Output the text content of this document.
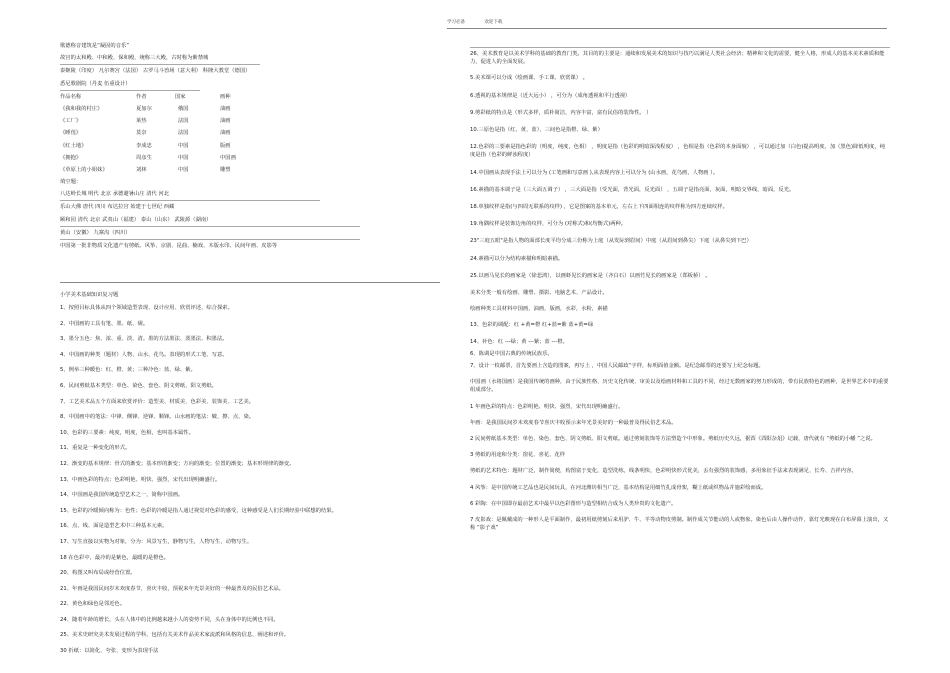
学习必备	欢迎下载
歌德称音建筑是“凝固的音乐”
故宫的太和殿、中和殿、保和殿，统称三大殿，古时称为紫禁城
泰姬陵（印度） 凡尔赛宫（法国） 古罗马斗兽场（意大利） 科隆大教堂（德国）
悉尼歌剧院（丹麦 伍重设计）
作品名称	作者	国家	画种
《我和我的村庄》	夏加尔	俄国	油画
《工厂》	莱热	法国	油画
《睡莲》	莫奈	法国	油画
《红土地》	李成忠	中国	版画
《拥抱》	周彦生	中国	中国画
《草原上的小姐妹》	刘林	中国	雕塑
填空题：
八达岭长城 明代 北京 承德避暑山庄 清代 河北
乐山大佛 唐代 四川 布达拉宫 始建于七世纪 西藏
颐和园 清代 北京 武夷山（福建） 泰山（山东） 武陵源（湖南）
黄山（安徽） 九寨沟（四川）
中国第一批非物质文化遗产有剪纸、风筝、京剧、昆曲、楠戏、木版水印、民间年画、皮影等
小学美术基础知识复习题
1、按照目标具体从四个领域造型表现、设计应用、欣赏评述、综合探索。
2、中国画的工具有笔、墨、纸、砚。
3、墨分五色：焦、浓、重、淡、清。墨的方法墨法、泼墨法、积墨法。
4、中国画的种类（题材）人物、山水、花鸟。表现的形式工笔、写意。
5、例举三种暖色：红、橙、黄；三种冷色：蓝、绿、紫。
6、民间剪纸基本类型：单色、染色、套色、阴文剪纸、阳文剪纸。
7、工艺美术品五个方面来欣赏评价：造型美、材质美、色彩美、装饰美、工艺美。
8、中国画中的笔法：中锋、侧锋、逆锋、顺锋。山水画的笔法：皴、擦、点、染。
10、色彩的三要素：纯度，明度，色相，也叫基本属性。
11、重复是一种变化的形式。
12、渐变的基本规律：骨式的渐变；基本形的渐变；方向的渐变；位置的渐变；基本形规律的渐变。
13、中画色彩的特点：色彩明艳、明快、强烈，宋代出现明确盛行。
14、中国画是我国传统造型艺术之一，简称中国画。
15、色彩的冷暖倾向称为：色性；色彩的冷暖是指人通过视觉对色彩的感受，这种感受是人们长期经验中联想的结果。
16、点、线、面是造型艺术中三种基本元素。
17、写生直接以实物为对象，分为：风景写生，静物写生，人物写生，动物写生。
18 在色彩中，最冷的是紫色，最暖的是橙色。
20、构图又叫布局或经营位置。
21、年画是我国民间岁末欢度春节，喜庆丰收，预祝来年光景美好的一种最普及的民俗艺术品。
22、黄色和绿色是邻近色。
24、随着年龄的增长，头在人体中的比例越来越小人的姿势不同，头在身体中的比例也不同。
25、美术史研究美术发展过程的学科，包括有关美术作品美术家流派和风格的信息，阐述和评价。
30 折纸：以简化、夸张、变形为表现手法
26、美术教育是以美术学科的基础的教育门类。其目的的主要是：通续和发展美术的知识与技巧以满足人类社会经济；精神和文化的需要，健全人格，形成人的基本美术素质和能力，促进人的全面发展。
5.美术课可以分成（绘画课、手工课、欣赏课） 。
6.透视的基本规律是（近大远小） ，可分为（成角透视和平行透视）
9.剪彩纸的特点是（形式多样，质朴简洁，内容丰富，富有民俗的装饰性。 ）
10.三原色是指（红、黄、蓝），三间色是指橙、绿、紫）
12.色彩的三要素是指色彩的（明度，纯度，色相） ，明度是指（色彩的明暗深浅程度） ，色相是指（色彩的本身面貌） ，可以通过加（白色)提高明度，加（黑色)降低明度，纯度是指（色彩的鲜浊程度）
14.中国画从表现手法上可以分为 (工笔画和写意画 ),从表现内容上可以分为 (山水画，花鸟画，人物画 ）。
16.素描的基本调子是（三大面五调子） ，三大面是指（受光面，背光面，反光面） ，五调子是指亮面，灰面，明暗交界线，暗面，反光。
18.单独纹样是指(与四周无联系的纹样) ，它是图案的基本单元，左右上下四面相连的纹样称为四方连续纹样。
19.角隅纹样是装饰边角的纹样，可分为 (对称式)和(均衡式)两种。
23"三庭五眼"是指人物的面部长度平均分成三份称为上庭（从发际到眉间）中庭（从眉间到鼻尖）下庭（从鼻尖到下巴）
24.素描可以分为结构素描和明暗素描。
25.以画马见长的画家是（徐悲鸿），以画虾见长的画家是（齐白石）以画竹见长的画家是（郑板桥） 。
美术分类一般有绘画、雕塑、摄影、电脑艺术、产品设计。
绘画种类工具材料中国画，油画，版画，水彩，水粉，素描
13、色彩的调配：红 +黄=橙 红+蓝=紫 蓝+黄=绿
14、补色：红 ---绿；黄 ---紫；蓝 ---橙。
6、陈调是中国古典的传统民族乐，
7、设计一枚邮票，首先要画上含造的图案，再写上 ，中国人民邮政“字样，标明面值金额。是纪念邮票的还要写上纪念标题。
中国画（水将国画）是我国传统的画种，由于民族性格、历史文化传统、审美以及绘画材料和工具的不同，经过无数画家的努力形成的，带有民族特色的画种，是世界艺术中的重要组成部分。
1 年画色彩的特点：色彩明艳、明快、强烈，宋代出现明确盛行。
年画：是我国民间岁末欢度春节喜庆丰收预示来年光景美好的一种最普及得民俗艺术品。
2 民间剪纸基本类型：单色、染色、套色、阴文剪纸、阳文剪纸。通过剪刻装饰等方法塑造个中形象。剪纸历史久远，据酉《酉阳杂俎》记载，唐代就有 “剪纸的小幡 ”之说。
3 剪纸的用途和分类：窗花、喜花、花样
剪纸的艺术特色：题材广泛，制作简便，构图富于变化，造型洗练，线条明快，色彩明快形式优美，丢有强烈的装饰感，多用象征手法来表现满足、长寿、吉祥内容。
4 风筝：是中国传统工艺品也是民间玩具，在河北潍坊相当广泛，基本结构是用细竹扎成骨架，糊上纸或织物品并施彩绘而成。
6 彩陶：在中国即存最前艺术中最早以色彩图形与造型相结合成为人类珍贵的文化遗产。
7 皮影戏：是佩戴成的一种形人是平面制作，最初用纸剪刻后来用驴、牛、羊等动物皮剪制。制作成关节能动的人或物象。染色后由人操作动作，靠灯光映现在白布屏幕上演出，又称 “影子戏”
